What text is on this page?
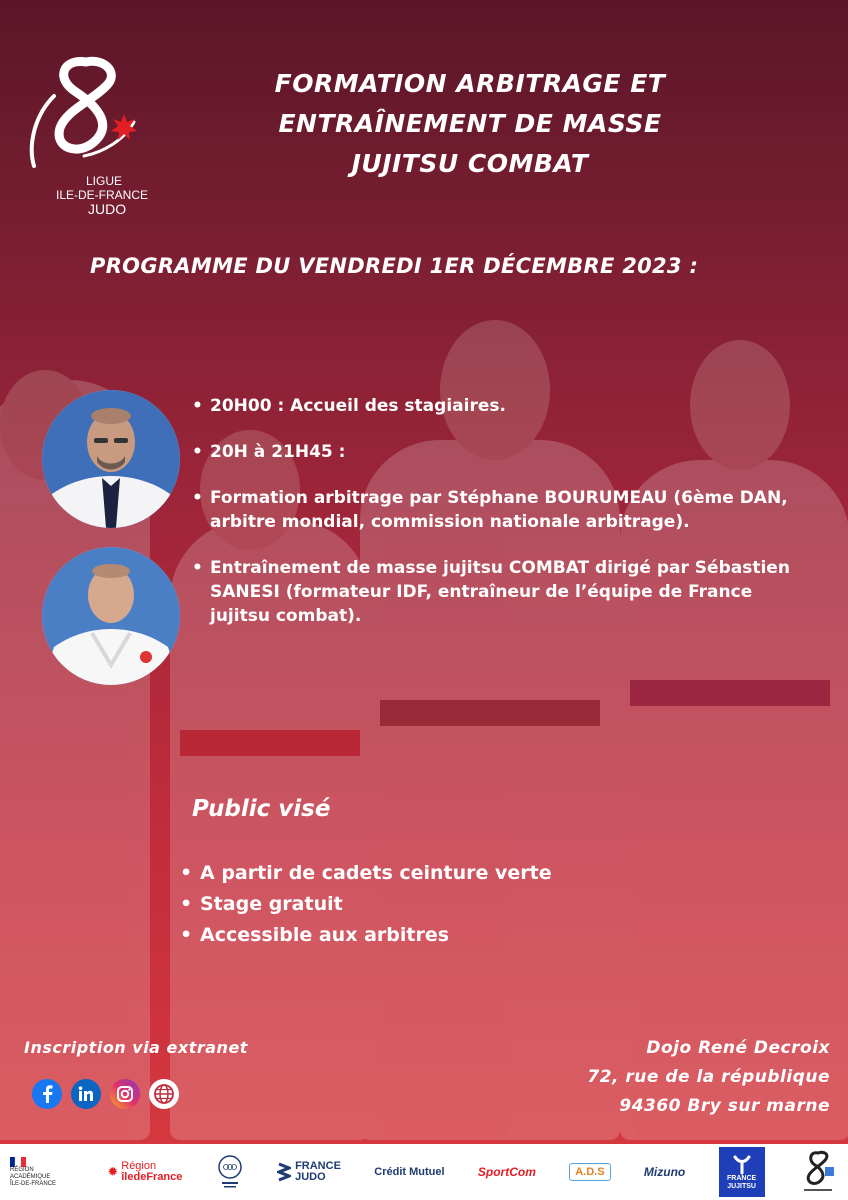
LIGUE
ILE-DE-FRANCE
JUDO
FORMATION ARBITRAGE ET
ENTRAÎNEMENT DE MASSE
JUJITSU COMBAT
PROGRAMME DU VENDREDI 1ER DÉCEMBRE 2023 :
• 20H00 : Accueil des stagiaires.
• 20H à 21H45 :
• Formation arbitrage par Stéphane BOURUMEAU (6ème DAN, arbitre mondial, commission nationale arbitrage).
• Entraînement de masse jujitsu COMBAT dirigé par Sébastien SANESI (formateur IDF, entraîneur de l’équipe de France jujitsu combat).
Public visé
• A partir de cadets ceinture verte
• Stage gratuit
• Accessible aux arbitres
Inscription via extranet	Dojo René Decroix
72, rue de la république
94360 Bry sur marne
RÉGION ACADÉMIQUE
ÎLE-DE-FRANCE
✹ Région
îledeFrance
FRANCE
JUDO	Crédit Mutuel	SportCom	A.D.S	Mizuno	FRANCE
JUJITSU
